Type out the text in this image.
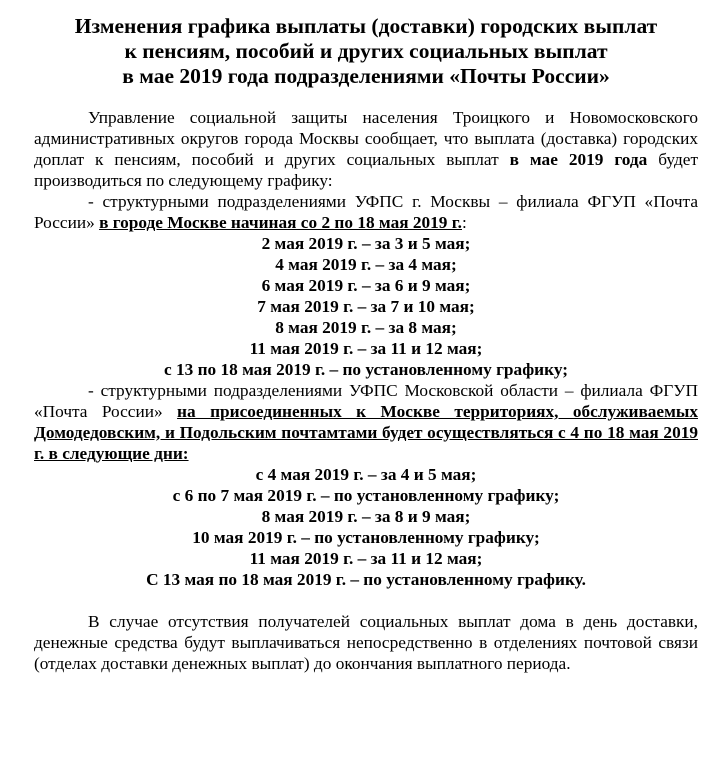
Изменения графика выплаты (доставки) городских выплат
к пенсиям, пособий и других социальных выплат
в мае 2019 года подразделениями «Почты России»

Управление социальной защиты населения Троицкого и Новомосковского административных округов города Москвы сообщает, что выплата (доставка) городских доплат к пенсиям, пособий и других социальных выплат в мае 2019 года будет производиться по следующему графику:

- структурными подразделениями УФПС г. Москвы – филиала ФГУП «Почта России» в городе Москве начиная со 2 по 18 мая 2019 г.:

2 мая 2019 г. – за 3 и 5 мая;

4 мая 2019 г. – за 4 мая;

6 мая 2019 г. – за 6 и 9 мая;

7 мая 2019 г. – за 7 и 10 мая;

8 мая 2019 г. – за 8 мая;

11 мая 2019 г. – за 11 и 12 мая;

с 13 по 18 мая 2019 г. – по установленному графику;

- структурными подразделениями УФПС Московской области – филиала ФГУП «Почта России» на присоединенных к Москве территориях, обслуживаемых Домодедовским, и Подольским почтамтами будет осуществляться с 4 по 18 мая 2019 г. в следующие дни:

с 4 мая 2019 г. – за 4 и 5 мая;

с 6 по 7 мая 2019 г. – по установленному графику;

8 мая 2019 г. – за 8 и 9 мая;

10 мая 2019 г. – по установленному графику;

11 мая 2019 г. – за 11 и 12 мая;

С 13 мая по 18 мая 2019 г. – по установленному графику.

В случае отсутствия получателей социальных выплат дома в день доставки, денежные средства будут выплачиваться непосредственно в отделениях почтовой связи (отделах доставки денежных выплат) до окончания выплатного периода.
